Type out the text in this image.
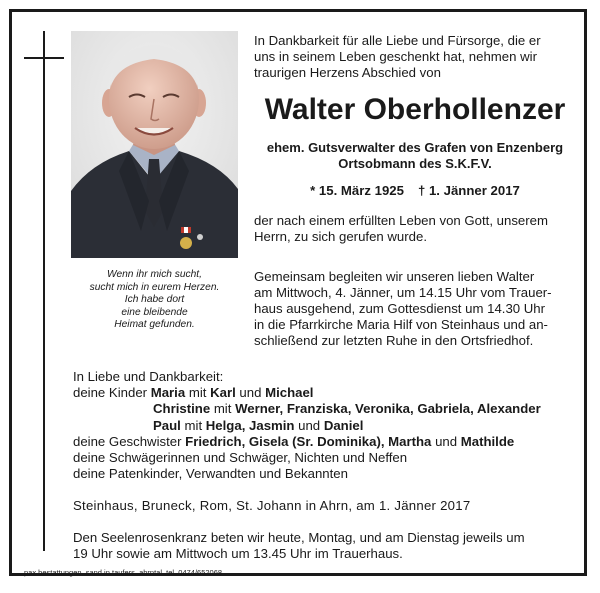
Wenn ihr mich sucht,
sucht mich in eurem Herzen.
Ich habe dort
eine bleibende
Heimat gefunden.
In Dankbarkeit für alle Liebe und Fürsorge, die er
uns in seinem Leben geschenkt hat, nehmen wir
traurigen Herzens Abschied von
Walter Oberhollenzer
ehem. Gutsverwalter des Grafen von Enzenberg
Ortsobmann des S.K.F.V.
* 15. März 1925 † 1. Jänner 2017
der nach einem erfüllten Leben von Gott, unserem
Herrn, zu sich gerufen wurde.
Gemeinsam begleiten wir unseren lieben Walter
am Mittwoch, 4. Jänner, um 14.15 Uhr vom Trauer-
haus ausgehend, zum Gottesdienst um 14.30 Uhr
in die Pfarrkirche Maria Hilf von Steinhaus und an-
schließend zur letzten Ruhe in den Ortsfriedhof.
In Liebe und Dankbarkeit:
deine Kinder Maria mit Karl und Michael
Christine mit Werner, Franziska, Veronika, Gabriela, Alexander
Paul mit Helga, Jasmin und Daniel
deine Geschwister Friedrich, Gisela (Sr. Dominika), Martha und Mathilde
deine Schwägerinnen und Schwäger, Nichten und Neffen
deine Patenkinder, Verwandten und Bekannten
Steinhaus, Bruneck, Rom, St. Johann in Ahrn, am 1. Jänner 2017
Den Seelenrosenkranz beten wir heute, Montag, und am Dienstag jeweils um
19 Uhr sowie am Mittwoch um 13.45 Uhr im Trauerhaus.
pax bestattungen, sand in taufers, ahrntal, tel. 0474/652068
